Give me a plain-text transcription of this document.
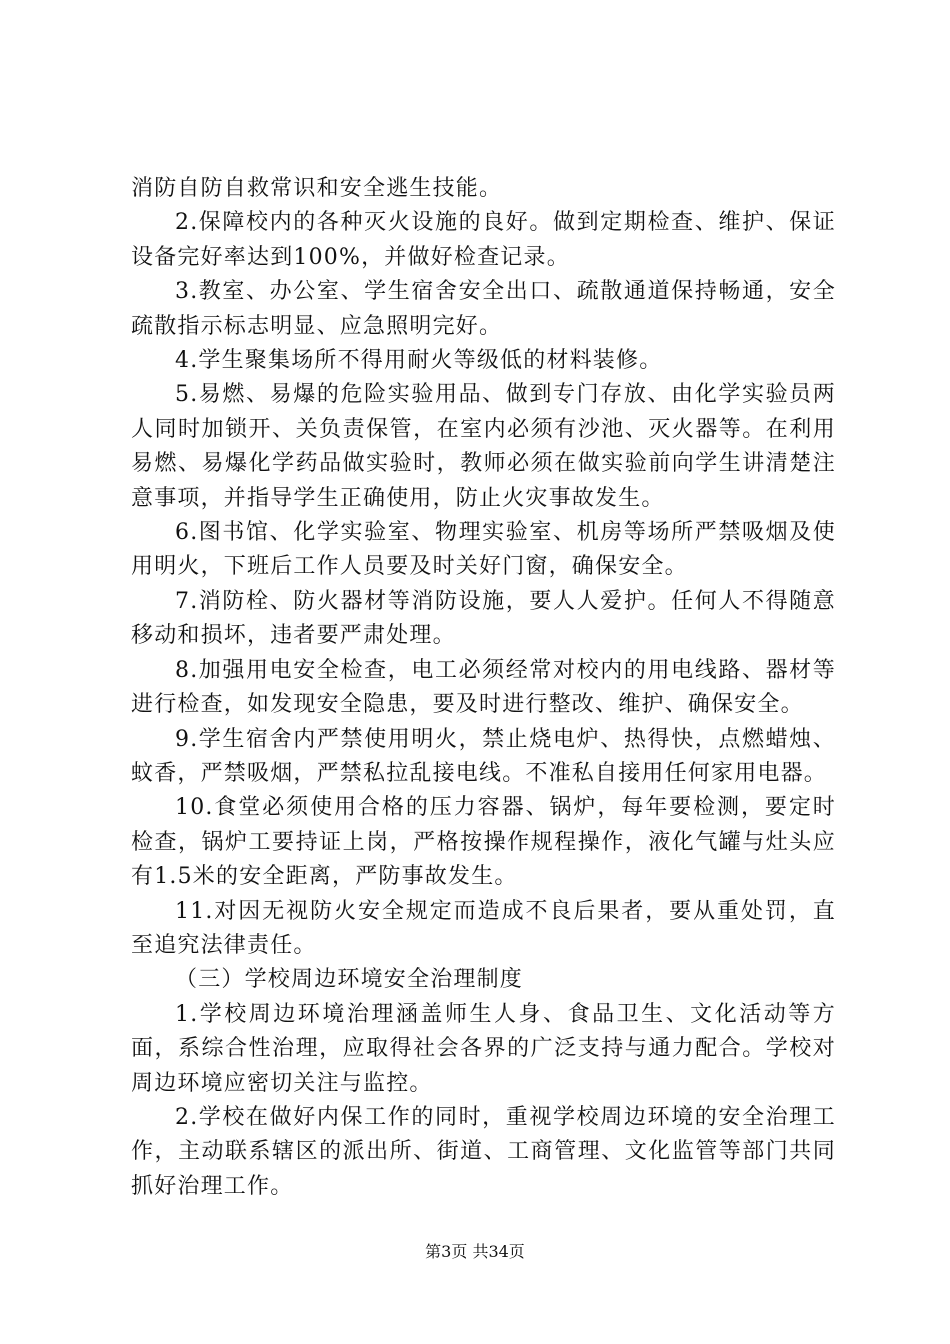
消防自防自救常识和安全逃生技能。

2.保障校内的各种灭火设施的良好。做到定期检查、维护、保证设备完好率达到100%，并做好检查记录。

3.教室、办公室、学生宿舍安全出口、疏散通道保持畅通，安全疏散指示标志明显、应急照明完好。

4.学生聚集场所不得用耐火等级低的材料装修。

5.易燃、易爆的危险实验用品、做到专门存放、由化学实验员两人同时加锁开、关负责保管，在室内必须有沙池、灭火器等。在利用易燃、易爆化学药品做实验时，教师必须在做实验前向学生讲清楚注意事项，并指导学生正确使用，防止火灾事故发生。

6.图书馆、化学实验室、物理实验室、机房等场所严禁吸烟及使用明火，下班后工作人员要及时关好门窗，确保安全。

7.消防栓、防火器材等消防设施，要人人爱护。任何人不得随意移动和损坏，违者要严肃处理。

8.加强用电安全检查，电工必须经常对校内的用电线路、器材等进行检查，如发现安全隐患，要及时进行整改、维护、确保安全。

9.学生宿舍内严禁使用明火，禁止烧电炉、热得快，点燃蜡烛、蚊香，严禁吸烟，严禁私拉乱接电线。不准私自接用任何家用电器。

10.食堂必须使用合格的压力容器、锅炉，每年要检测，要定时检查，锅炉工要持证上岗，严格按操作规程操作，液化气罐与灶头应有1.5米的安全距离，严防事故发生。

11.对因无视防火安全规定而造成不良后果者，要从重处罚，直至追究法律责任。

（三）学校周边环境安全治理制度

1.学校周边环境治理涵盖师生人身、食品卫生、文化活动等方面，系综合性治理，应取得社会各界的广泛支持与通力配合。学校对周边环境应密切关注与监控。

2.学校在做好内保工作的同时，重视学校周边环境的安全治理工作，主动联系辖区的派出所、街道、工商管理、文化监管等部门共同抓好治理工作。

第3页 共34页
